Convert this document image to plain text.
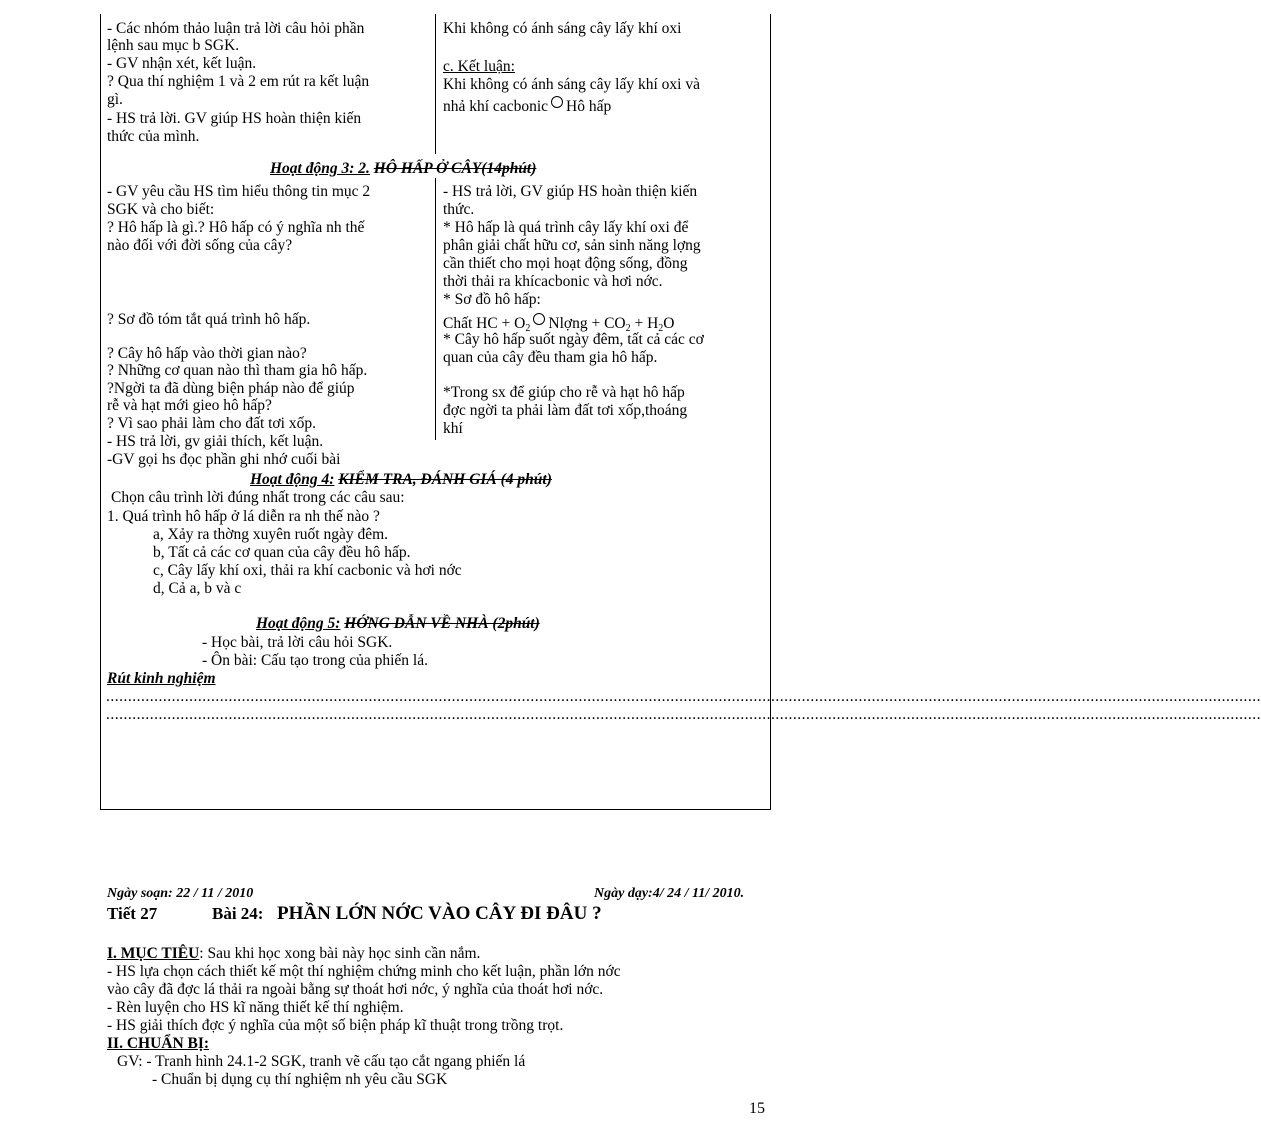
- Các nhóm thảo luận trả lời câu hỏi phần
lệnh sau mục b SGK.
- GV nhận xét, kết luận.
? Qua thí nghiệm 1 và 2 em rút ra kết luận
gì.
- HS trả lời. GV giúp HS hoàn thiện kiến
thức của mình.
Khi không có ánh sáng cây lấy khí oxi
c. Kết luận:
Khi không có ánh sáng cây lấy khí oxi và
nhả khí cacbonic Hô hấp
Hoạt động 3: 2. HÔ HẤP Ở CÂY(14phút)
- GV yêu cầu HS tìm hiểu thông tin mục 2
SGK và cho biết:
? Hô hấp là gì.? Hô hấp có ý nghĩa nh thế
nào đối với đời sống của cây?
? Sơ đồ tóm tắt quá trình hô hấp.
? Cây hô hấp vào thời gian nào?
? Những cơ quan nào thì tham gia hô hấp.
?Ngời ta đã dùng biện pháp nào để giúp
rễ và hạt mới gieo hô hấp?
? Vì sao phải làm cho đất tơi xốp.
- HS trả lời, gv giải thích, kết luận.
-GV gọi hs đọc phần ghi nhớ cuối bài
- HS trả lời, GV giúp HS hoàn thiện kiến
thức.
* Hô hấp là quá trình cây lấy khí oxi để
phân giải chất hữu cơ, sản sinh năng lợng
cần thiết cho mọi hoạt động sống, đồng
thời thải ra khícacbonic và hơi nớc.
* Sơ đồ hô hấp:
Chất HC + $O_2$ Nlợng + $CO_2 + H_2O$
* Cây hô hấp suốt ngày đêm, tất cả các cơ
quan của cây đều tham gia hô hấp.
*Trong sx để giúp cho rễ và hạt hô hấp
đợc ngời ta phải làm đất tơi xốp,thoáng
khí
Hoạt động 4: KIỂM TRA, ĐÁNH GIÁ (4 phút)
Chọn câu trình lời đúng nhất trong các câu sau:
1. Quá trình hô hấp ở lá diễn ra nh thế nào ?
a, Xảy ra thờng xuyên ruốt ngày đêm.
b, Tất cả các cơ quan của cây đều hô hấp.
c, Cây lấy khí oxi, thải ra khí cacbonic và hơi nớc
d, Cả a, b và c
Hoạt động 5: HỚNG DẪN VỀ NHÀ (2phút)
- Học bài, trả lời câu hỏi SGK.
- Ôn bài: Cấu tạo trong của phiến lá.
Rút kinh nghiệm
........................................................................................................................................................................................................................................................................
........................................................................................................................................................................................................................................................................
Ngày soạn: 22 / 11 / 2010	Ngày dạy:4/ 24 / 11/ 2010.
Tiết 27	Bài 24: PHẦN LỚN NỚC VÀO CÂY ĐI ĐÂU ?
I. MỤC TIÊU: Sau khi học xong bài này học sinh cần nắm.
- HS lựa chọn cách thiết kế một thí nghiệm chứng minh cho kết luận, phần lớn nớc
vào cây đã đợc lá thải ra ngoài bằng sự thoát hơi nớc, ý nghĩa của thoát hơi nớc.
- Rèn luyện cho HS kĩ năng thiết kế thí nghiệm.
- HS giải thích đợc ý nghĩa của một số biện pháp kĩ thuật trong trồng trọt.
II. CHUẨN BỊ:
GV: - Tranh hình 24.1-2 SGK, tranh vẽ cấu tạo cắt ngang phiến lá
- Chuẩn bị dụng cụ thí nghiệm nh yêu cầu SGK
15
